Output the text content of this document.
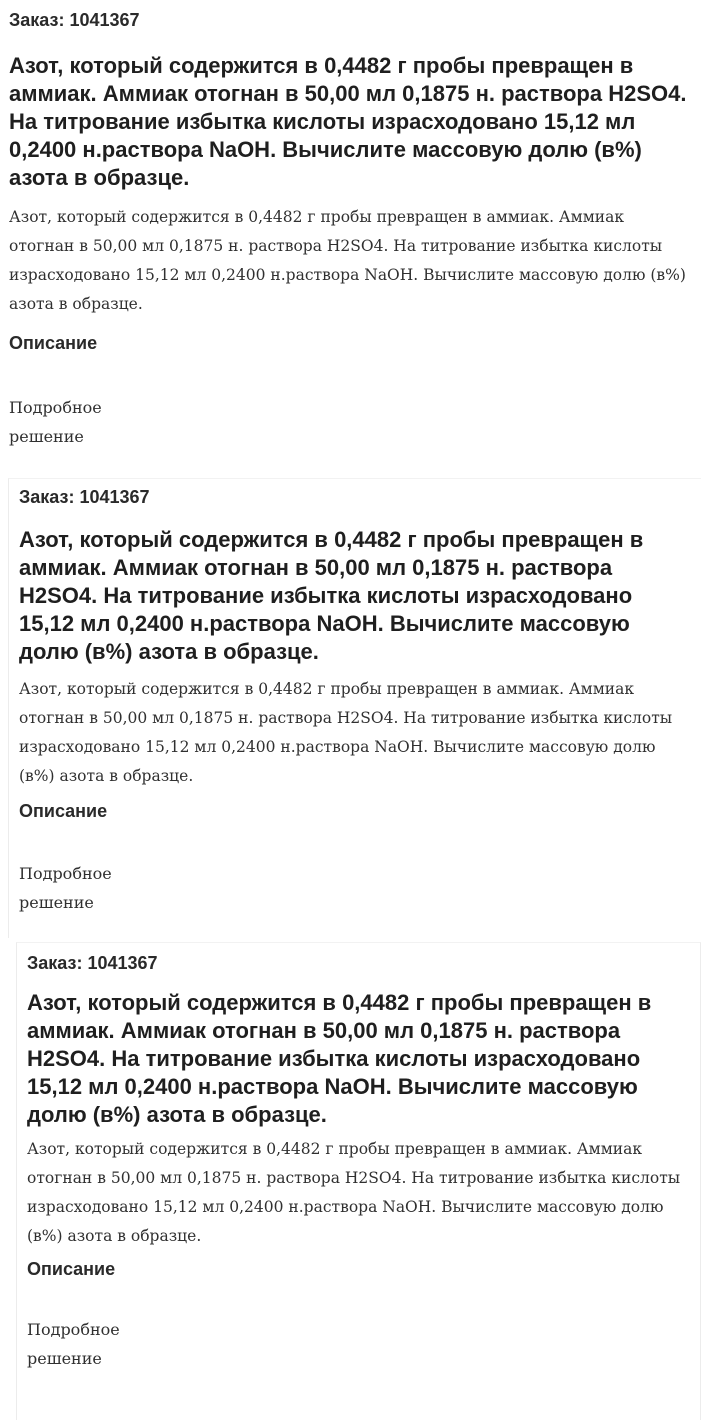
Заказ: 1041367
Азот, который содержится в 0,4482 г пробы превращен в аммиак. Аммиак отогнан в 50,00 мл 0,1875 н. раствора H2SO4. На титрование избытка кислоты израсходовано 15,12 мл 0,2400 н.раствора NaOH. Вычислите массовую долю (в%) азота в образце.

Азот, который содержится в 0,4482 г пробы превращен в аммиак. Аммиак отогнан в 50,00 мл 0,1875 н. раствора H2SO4. На титрование избытка кислоты израсходовано 15,12 мл 0,2400 н.раствора NaOH. Вычислите массовую долю (в%) азота в образце.

Описание
Подробное
решение
Заказ: 1041367
Азот, который содержится в 0,4482 г пробы превращен в аммиак. Аммиак отогнан в 50,00 мл 0,1875 н. раствора H2SO4. На титрование избытка кислоты израсходовано 15,12 мл 0,2400 н.раствора NaOH. Вычислите массовую долю (в%) азота в образце.

Азот, который содержится в 0,4482 г пробы превращен в аммиак. Аммиак отогнан в 50,00 мл 0,1875 н. раствора H2SO4. На титрование избытка кислоты израсходовано 15,12 мл 0,2400 н.раствора NaOH. Вычислите массовую долю (в%) азота в образце.

Описание
Подробное
решение
Заказ: 1041367
Азот, который содержится в 0,4482 г пробы превращен в аммиак. Аммиак отогнан в 50,00 мл 0,1875 н. раствора H2SO4. На титрование избытка кислоты израсходовано 15,12 мл 0,2400 н.раствора NaOH. Вычислите массовую долю (в%) азота в образце.

Азот, который содержится в 0,4482 г пробы превращен в аммиак. Аммиак отогнан в 50,00 мл 0,1875 н. раствора H2SO4. На титрование избытка кислоты израсходовано 15,12 мл 0,2400 н.раствора NaOH. Вычислите массовую долю (в%) азота в образце.

Описание
Подробное
решение
